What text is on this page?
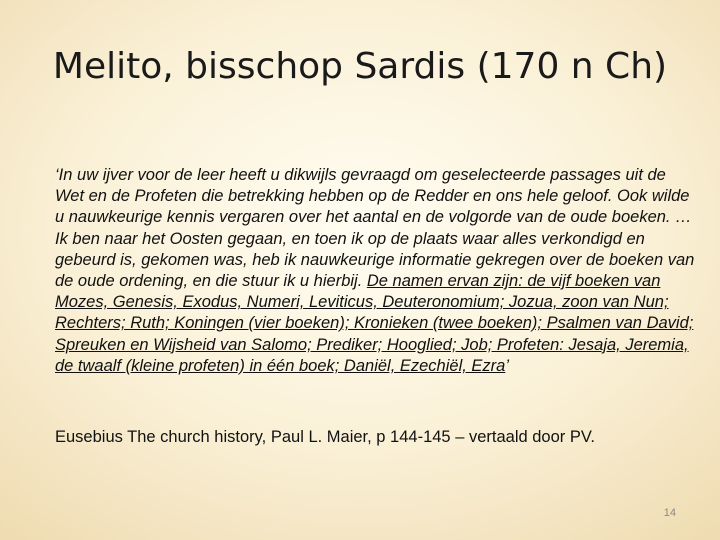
Melito, bisschop Sardis (170 n Ch)

‘In uw ijver voor de leer heeft u dikwijls gevraagd om geselecteerde passages uit de Wet en de Profeten die betrekking hebben op de Redder en ons hele geloof. Ook wilde u nauwkeurige kennis vergaren over het aantal en de volgorde van de oude boeken. … Ik ben naar het Oosten gegaan, en toen ik op de plaats waar alles verkondigd en gebeurd is, gekomen was, heb ik nauwkeurige informatie gekregen over de boeken van de oude ordening, en die stuur ik u hierbij. De namen ervan zijn: de vijf boeken van Mozes, Genesis, Exodus, Numeri, Leviticus, Deuteronomium; Jozua, zoon van Nun; Rechters; Ruth; Koningen (vier boeken); Kronieken (twee boeken); Psalmen van David; Spreuken en Wijsheid van Salomo; Prediker; Hooglied; Job; Profeten: Jesaja, Jeremia, de twaalf (kleine profeten) in één boek; Daniël, Ezechiël, Ezra’

Eusebius The church history, Paul L. Maier, p 144-145 – vertaald door PV.

14
